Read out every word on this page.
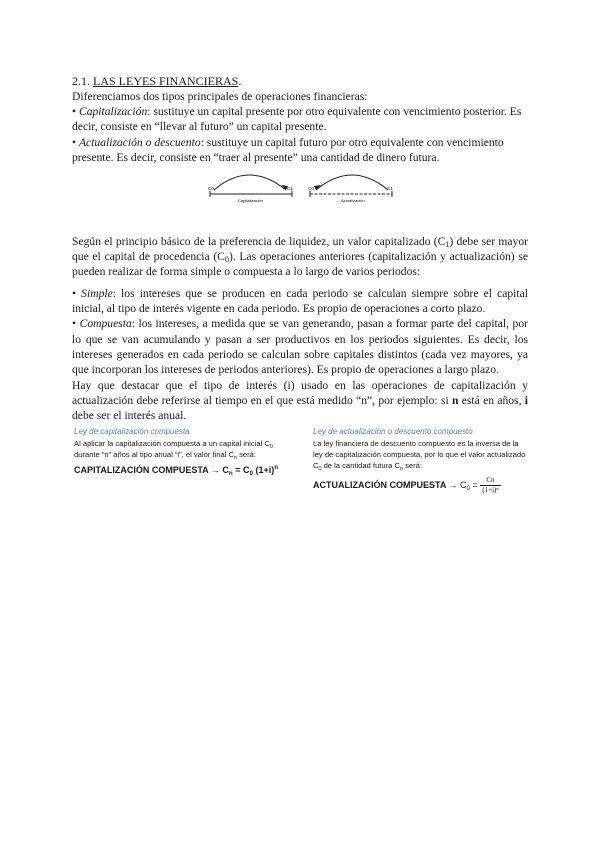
2.1. LAS LEYES FINANCIERAS.
Diferenciamos dos tipos principales de operaciones financieras:
• Capitalización: sustituye un capital presente por otro equivalente con vencimiento posterior. Es decir, consiste en “llevar al futuro” un capital presente.
• Actualización o descuento: sustituye un capital futuro por otro equivalente con vencimiento presente. Es decir, consiste en “traer al presente” una cantidad de dinero futura.
C0	C1
Capitalización
C0	C1
Actualización
Según el principio básico de la preferencia de liquidez, un valor capitalizado $(C_1)$ debe ser mayor que el capital de procedencia $(C_0)$. Las operaciones anteriores (capitalización y actualización) se pueden realizar de forma simple o compuesta a lo largo de varios periodos:
• Simple: los intereses que se producen en cada periodo se calculan siempre sobre el capital inicial, al tipo de interés vigente en cada periodo. Es propio de operaciones a corto plazo.
• Compuesta: los intereses, a medida que se van generando, pasan a formar parte del capital, por lo que se van acumulando y pasan a ser productivos en los periodos siguientes. Es decir, los intereses generados en cada periodo se calculan sobre capitales distintos (cada vez mayores, ya que incorporan los intereses de periodos anteriores). Es propio de operaciones a largo plazo.
Hay que destacar que el tipo de interés (i) usado en las operaciones de capitalización y actualización debe referirse al tiempo en el que está medido “n”, por ejemplo: si n está en años, i debe ser el interés anual.
Ley de capitalización compuesta
Al aplicar la capitalización compuesta a un capital inicial $C_0$ durante “n” años al tipo anual “i”, el valor final $C_n$ será:
CAPITALIZACIÓN COMPUESTA → $C_n = C_0$ $(1+i)^n$
Ley de actualización o descuento compuesto
La ley financiera de descuento compuesto es la inversa de la ley de capitalización compuesta, por lo que el valor actualizado $C_0$ de la cantidad futura $C_n$ será:
ACTUALIZACIÓN COMPUESTA → $C_0 = \frac{Cn}{\text{(1+i)ⁿ}}$
